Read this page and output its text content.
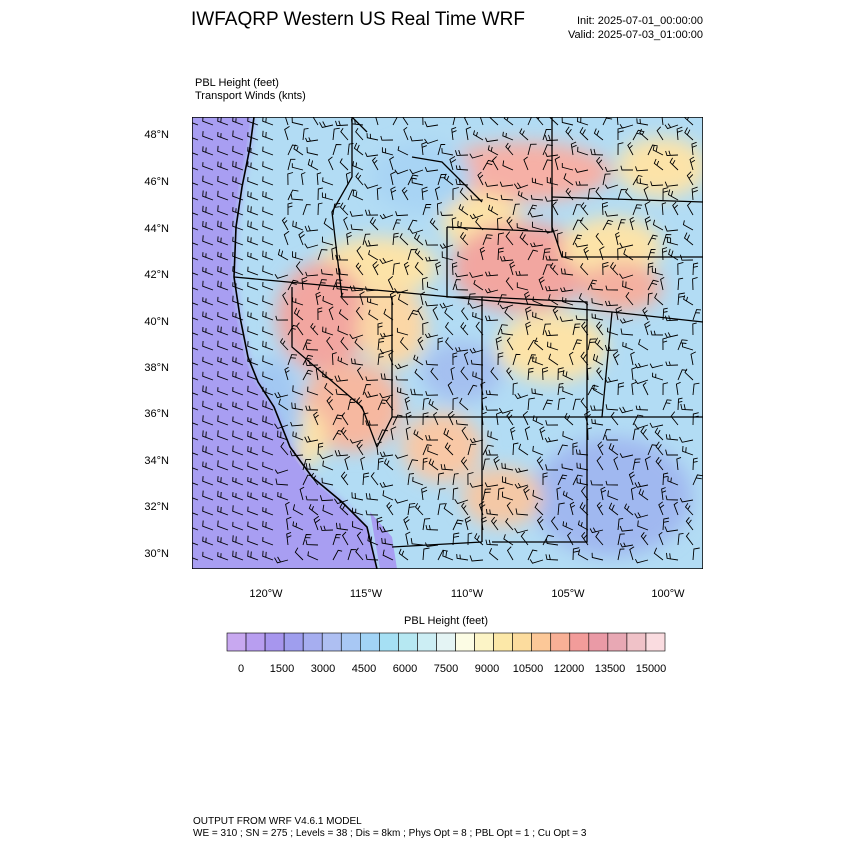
IWFAQRP Western US Real Time WRF	Init: 2025-07-01_00:00:00
Valid: 2025-07-03_01:00:00
PBL Height (feet)
Transport Winds (knts)
48°N
46°N
44°N
42°N
40°N
38°N
36°N
34°N
32°N
30°N
120°W	115°W	110°W	105°W	100°W
PBL Height (feet)
0 1500 3000 4500 6000 7500 9000 10500 12000 13500 15000
OUTPUT FROM WRF V4.6.1 MODEL
WE = 310 ; SN = 275 ; Levels = 38 ; Dis = 8km ; Phys Opt = 8 ; PBL Opt = 1 ; Cu Opt = 3
